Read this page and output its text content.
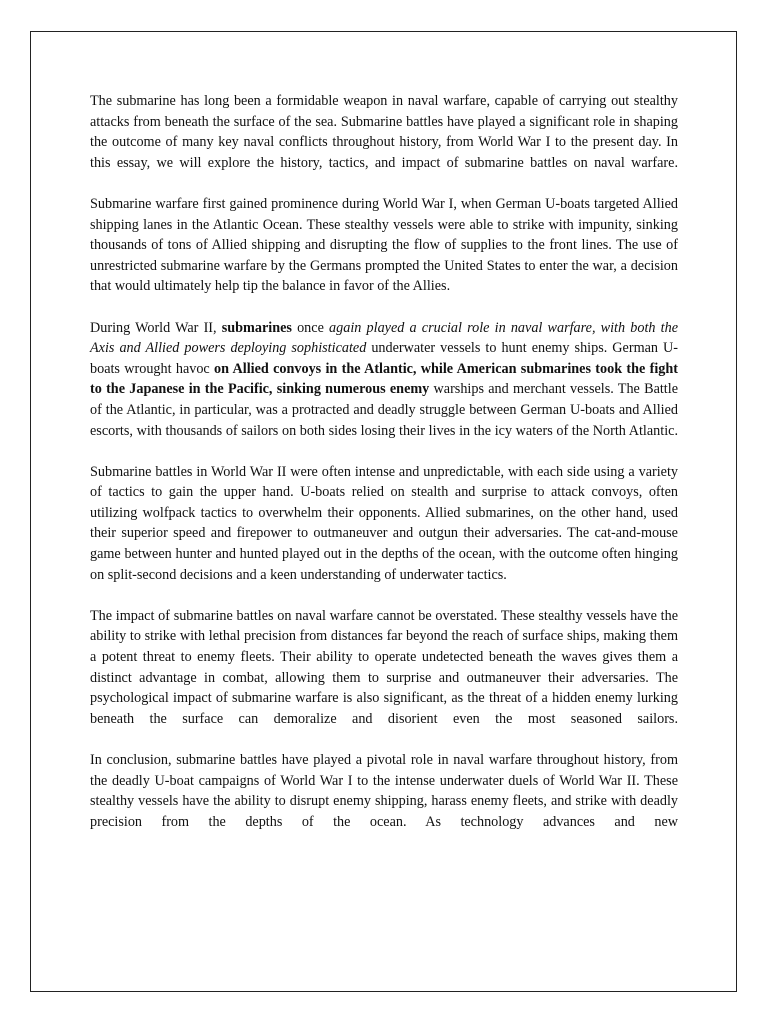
The submarine has long been a formidable weapon in naval warfare, capable of carrying out stealthy attacks from beneath the surface of the sea. Submarine battles have played a significant role in shaping the outcome of many key naval conflicts throughout history, from World War I to the present day. In this essay, we will explore the history, tactics, and impact of submarine battles on naval warfare.

Submarine warfare first gained prominence during World War I, when German U-boats targeted Allied shipping lanes in the Atlantic Ocean. These stealthy vessels were able to strike with impunity, sinking thousands of tons of Allied shipping and disrupting the flow of supplies to the front lines. The use of unrestricted submarine warfare by the Germans prompted the United States to enter the war, a decision that would ultimately help tip the balance in favor of the Allies.

During World War II, submarines once again played a crucial role in naval warfare, with both the Axis and Allied powers deploying sophisticated underwater vessels to hunt enemy ships. German U-boats wrought havoc on Allied convoys in the Atlantic, while American submarines took the fight to the Japanese in the Pacific, sinking numerous enemy warships and merchant vessels. The Battle of the Atlantic, in particular, was a protracted and deadly struggle between German U-boats and Allied escorts, with thousands of sailors on both sides losing their lives in the icy waters of the North Atlantic.

Submarine battles in World War II were often intense and unpredictable, with each side using a variety of tactics to gain the upper hand. U-boats relied on stealth and surprise to attack convoys, often utilizing wolfpack tactics to overwhelm their opponents. Allied submarines, on the other hand, used their superior speed and firepower to outmaneuver and outgun their adversaries. The cat-and-mouse game between hunter and hunted played out in the depths of the ocean, with the outcome often hinging on split-second decisions and a keen understanding of underwater tactics.

The impact of submarine battles on naval warfare cannot be overstated. These stealthy vessels have the ability to strike with lethal precision from distances far beyond the reach of surface ships, making them a potent threat to enemy fleets. Their ability to operate undetected beneath the waves gives them a distinct advantage in combat, allowing them to surprise and outmaneuver their adversaries. The psychological impact of submarine warfare is also significant, as the threat of a hidden enemy lurking beneath the surface can demoralize and disorient even the most seasoned sailors.

In conclusion, submarine battles have played a pivotal role in naval warfare throughout history, from the deadly U-boat campaigns of World War I to the intense underwater duels of World War II. These stealthy vessels have the ability to disrupt enemy shipping, harass enemy fleets, and strike with deadly precision from the depths of the ocean. As technology advances and new
